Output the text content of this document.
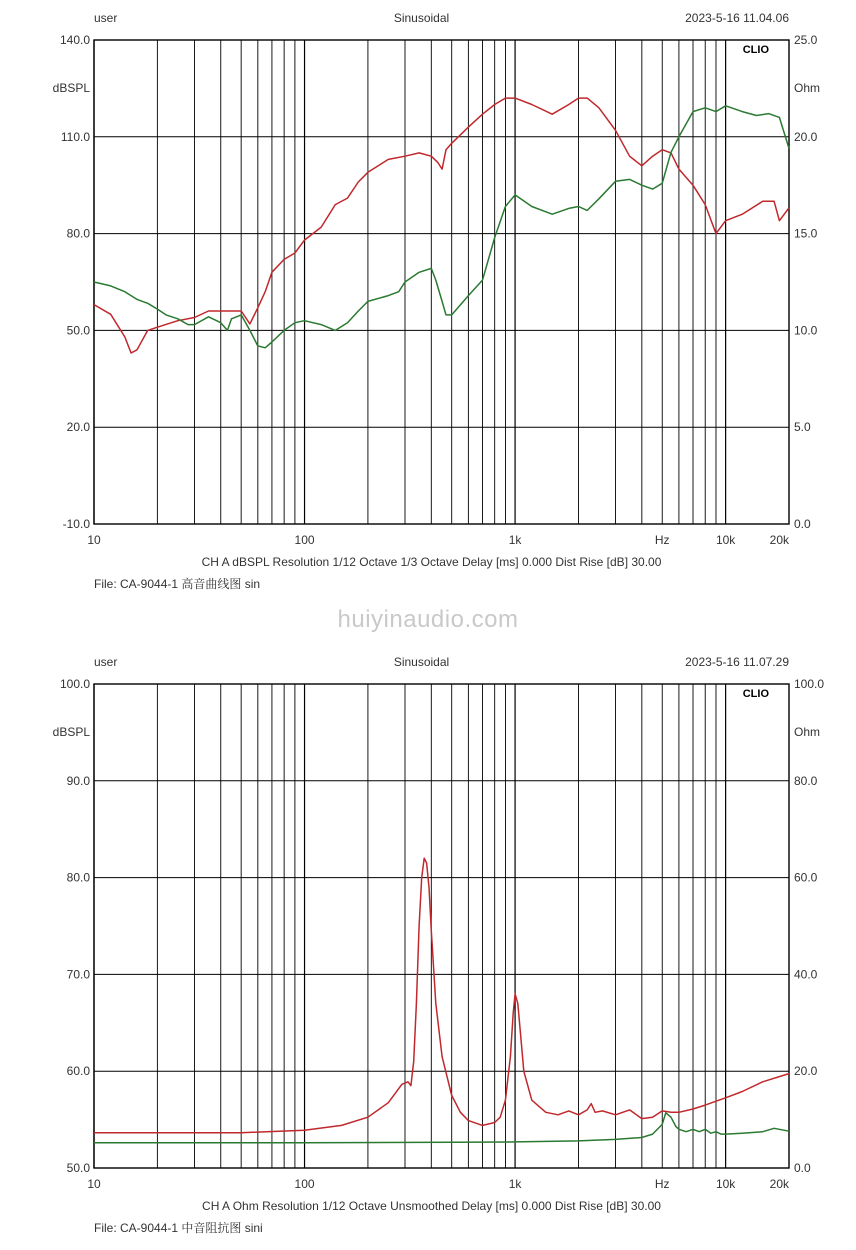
user	Sinusoidal	2023-5-16 11.04.06
140.0
110.0
80.0
50.0
20.0
-10.0
dBSPL
25.0
20.0
15.0
10.0
5.0
0.0
Ohm
10	100	1k	Hz	10k	20k
CLIO
CH A dBSPL Resolution 1/12 Octave 1/3 Octave Delay [ms] 0.000 Dist Rise [dB] 30.00
File: CA-9044-1 高音曲线图 sin
huiyinaudio.com
user	Sinusoidal	2023-5-16 11.07.29
100.0
90.0
80.0
70.0
60.0
50.0
dBSPL
100.0
80.0
60.0
40.0
20.0
0.0
Ohm
10	100	1k	Hz	10k	20k
CLIO
CH A Ohm Resolution 1/12 Octave Unsmoothed Delay [ms] 0.000 Dist Rise [dB] 30.00
File: CA-9044-1 中音阻抗图 sini
